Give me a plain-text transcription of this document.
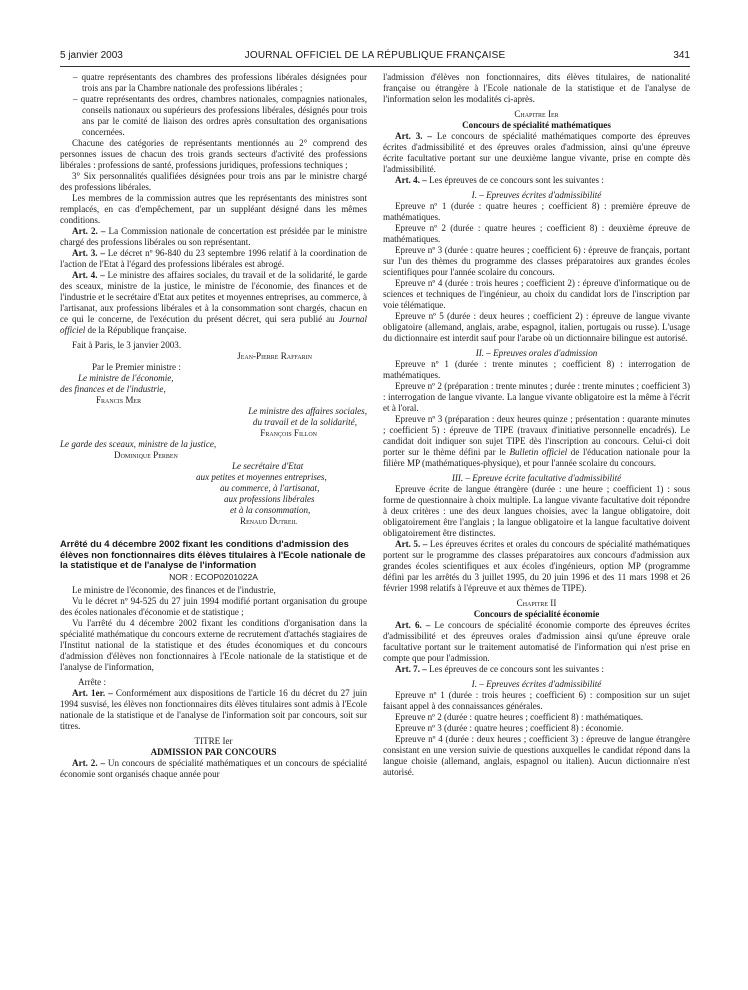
5 janvier 2003	JOURNAL OFFICIEL DE LA RÉPUBLIQUE FRANÇAISE	341

– quatre représentants des chambres des professions libérales désignées pour trois ans par la Chambre nationale des professions libérales ;

– quatre représentants des ordres, chambres nationales, compagnies nationales, conseils nationaux ou supérieurs des professions libérales, désignés pour trois ans par le comité de liaison des ordres après consultation des organisations concernées.

Chacune des catégories de représentants mentionnés au 2° comprend des personnes issues de chacun des trois grands secteurs d'activité des professions libérales : professions de santé, professions juridiques, professions techniques ;

3° Six personnalités qualifiées désignées pour trois ans par le ministre chargé des professions libérales.

Les membres de la commission autres que les représentants des ministres sont remplacés, en cas d'empêchement, par un suppléant désigné dans les mêmes conditions.

Art. 2. – La Commission nationale de concertation est présidée par le ministre chargé des professions libérales ou son représentant.

Art. 3. – Le décret nº 96-840 du 23 septembre 1996 relatif à la coordination de l'action de l'Etat à l'égard des professions libérales est abrogé.

Art. 4. – Le ministre des affaires sociales, du travail et de la solidarité, le garde des sceaux, ministre de la justice, le ministre de l'économie, des finances et de l'industrie et le secrétaire d'Etat aux petites et moyennes entreprises, au commerce, à l'artisanat, aux professions libérales et à la consommation sont chargés, chacun en ce qui le concerne, de l'exécution du présent décret, qui sera publié au Journal officiel de la République française.

Fait à Paris, le 3 janvier 2003.

Jean-Pierre Raffarin

Par le Premier ministre :

Le ministre de l'économie,

des finances et de l'industrie,

Francis Mer

Le ministre des affaires sociales,

du travail et de la solidarité,

François Fillon

Le garde des sceaux, ministre de la justice,

Dominique Perben

Le secrétaire d'Etat

aux petites et moyennes entreprises,

au commerce, à l'artisanat,

aux professions libérales

et à la consommation,

Renaud Dutreil

Arrêté du 4 décembre 2002 fixant les conditions d'admission des élèves non fonctionnaires dits élèves titulaires à l'Ecole nationale de la statistique et de l'analyse de l'information

NOR : ECOP0201022A

Le ministre de l'économie, des finances et de l'industrie,

Vu le décret nº 94-525 du 27 juin 1994 modifié portant organisation du groupe des écoles nationales d'économie et de statistique ;

Vu l'arrêté du 4 décembre 2002 fixant les conditions d'organisation dans la spécialité mathématique du concours externe de recrutement d'attachés stagiaires de l'Institut national de la statistique et des études économiques et du concours d'admission d'élèves non fonctionnaires à l'Ecole nationale de la statistique et de l'analyse de l'information,

Arrête :

Art. 1er. – Conformément aux dispositions de l'article 16 du décret du 27 juin 1994 susvisé, les élèves non fonctionnaires dits élèves titulaires sont admis à l'Ecole nationale de la statistique et de l'analyse de l'information soit par concours, soit sur titres.

TITRE Ier

ADMISSION PAR CONCOURS

Art. 2. – Un concours de spécialité mathématiques et un concours de spécialité économie sont organisés chaque année pour

l'admission d'élèves non fonctionnaires, dits élèves titulaires, de nationalité française ou étrangère à l'Ecole nationale de la statistique et de l'analyse de l'information selon les modalités ci-après.

Chapitre Ier

Concours de spécialité mathématiques

Art. 3. – Le concours de spécialité mathématiques comporte des épreuves écrites d'admissibilité et des épreuves orales d'admission, ainsi qu'une épreuve écrite facultative portant sur une deuxième langue vivante, prise en compte dès l'admissibilité.

Art. 4. – Les épreuves de ce concours sont les suivantes :

I. – Epreuves écrites d'admissibilité

Epreuve nº 1 (durée : quatre heures ; coefficient 8) : première épreuve de mathématiques.

Epreuve nº 2 (durée : quatre heures ; coefficient 8) : deuxième épreuve de mathématiques.

Epreuve nº 3 (durée : quatre heures ; coefficient 6) : épreuve de français, portant sur l'un des thèmes du programme des classes préparatoires aux grandes écoles scientifiques pour l'année scolaire du concours.

Epreuve nº 4 (durée : trois heures ; coefficient 2) : épreuve d'informatique ou de sciences et techniques de l'ingénieur, au choix du candidat lors de l'inscription par voie télématique.

Epreuve nº 5 (durée : deux heures ; coefficient 2) : épreuve de langue vivante obligatoire (allemand, anglais, arabe, espagnol, italien, portugais ou russe). L'usage du dictionnaire est interdit sauf pour l'arabe où un dictionnaire bilingue est autorisé.

II. – Epreuves orales d'admission

Epreuve nº 1 (durée : trente minutes ; coefficient 8) : interrogation de mathématiques.

Epreuve nº 2 (préparation : trente minutes ; durée : trente minutes ; coefficient 3) : interrogation de langue vivante. La langue vivante obligatoire est la même à l'écrit et à l'oral.

Epreuve nº 3 (préparation : deux heures quinze ; présentation : quarante minutes ; coefficient 5) : épreuve de TIPE (travaux d'initiative personnelle encadrés). Le candidat doit indiquer son sujet TIPE dès l'inscription au concours. Celui-ci doit porter sur le thème défini par le Bulletin officiel de l'éducation nationale pour la filière MP (mathématiques-physique), et pour l'année scolaire du concours.

III. – Epreuve écrite facultative d'admissibilité

Epreuve écrite de langue étrangère (durée : une heure ; coefficient 1) : sous forme de questionnaire à choix multiple. La langue vivante facultative doit répondre à deux critères : une des deux langues choisies, avec la langue obligatoire, doit obligatoirement être l'anglais ; la langue obligatoire et la langue facultative doivent obligatoirement être distinctes.

Art. 5. – Les épreuves écrites et orales du concours de spécialité mathématiques portent sur le programme des classes préparatoires aux concours d'admission aux grandes écoles scientifiques et aux écoles d'ingénieurs, option MP (programme défini par les arrêtés du 3 juillet 1995, du 20 juin 1996 et des 11 mars 1998 et 26 février 1998 relatifs à l'épreuve et aux thèmes de TIPE).

Chapitre II

Concours de spécialité économie

Art. 6. – Le concours de spécialité économie comporte des épreuves écrites d'admissibilité et des épreuves orales d'admission ainsi qu'une épreuve orale facultative portant sur le traitement automatisé de l'information qui n'est prise en compte que pour l'admission.

Art. 7. – Les épreuves de ce concours sont les suivantes :

I. – Epreuves écrites d'admissibilité

Epreuve nº 1 (durée : trois heures ; coefficient 6) : composition sur un sujet faisant appel à des connaissances générales.

Epreuve nº 2 (durée : quatre heures ; coefficient 8) : mathématiques.

Epreuve nº 3 (durée : quatre heures ; coefficient 8) : économie.

Epreuve nº 4 (durée : deux heures ; coefficient 3) : épreuve de langue étrangère consistant en une version suivie de questions auxquelles le candidat répond dans la langue choisie (allemand, anglais, espagnol ou italien). Aucun dictionnaire n'est autorisé.
